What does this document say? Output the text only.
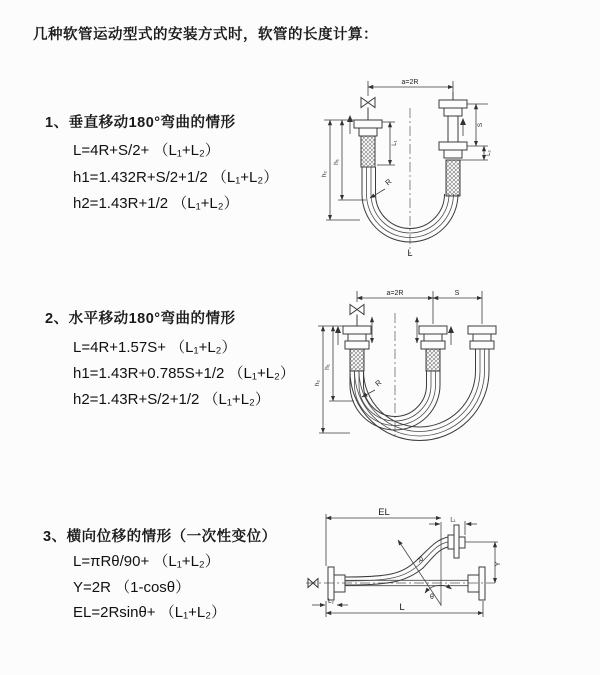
几种软管运动型式的安装方式时，软管的长度计算：
1、垂直移动180°弯曲的情形
L=4R+S/2+ （L₁+L₂）
h1=1.432R+S/2+1/2 （L₁+L₂）
h2=1.43R+1/2 （L₁+L₂）
2、水平移动180°弯曲的情形
L=4R+1.57S+ （L₁+L₂）
h1=1.43R+0.785S+1/2 （L₁+L₂）
h2=1.43R+S/2+1/2 （L₁+L₂）
3、横向位移的情形（一次性变位）
L=πRθ/90+ （L₁+L₂）
Y=2R （1-cosθ）
EL=2Rsinθ+ （L₁+L₂）
a=2R
L₁
S
L₂
h₁
h₂
R
L
a=2R	S
h₁
h₂	R
θ
R
EL
L₁
Y
L
L₂
